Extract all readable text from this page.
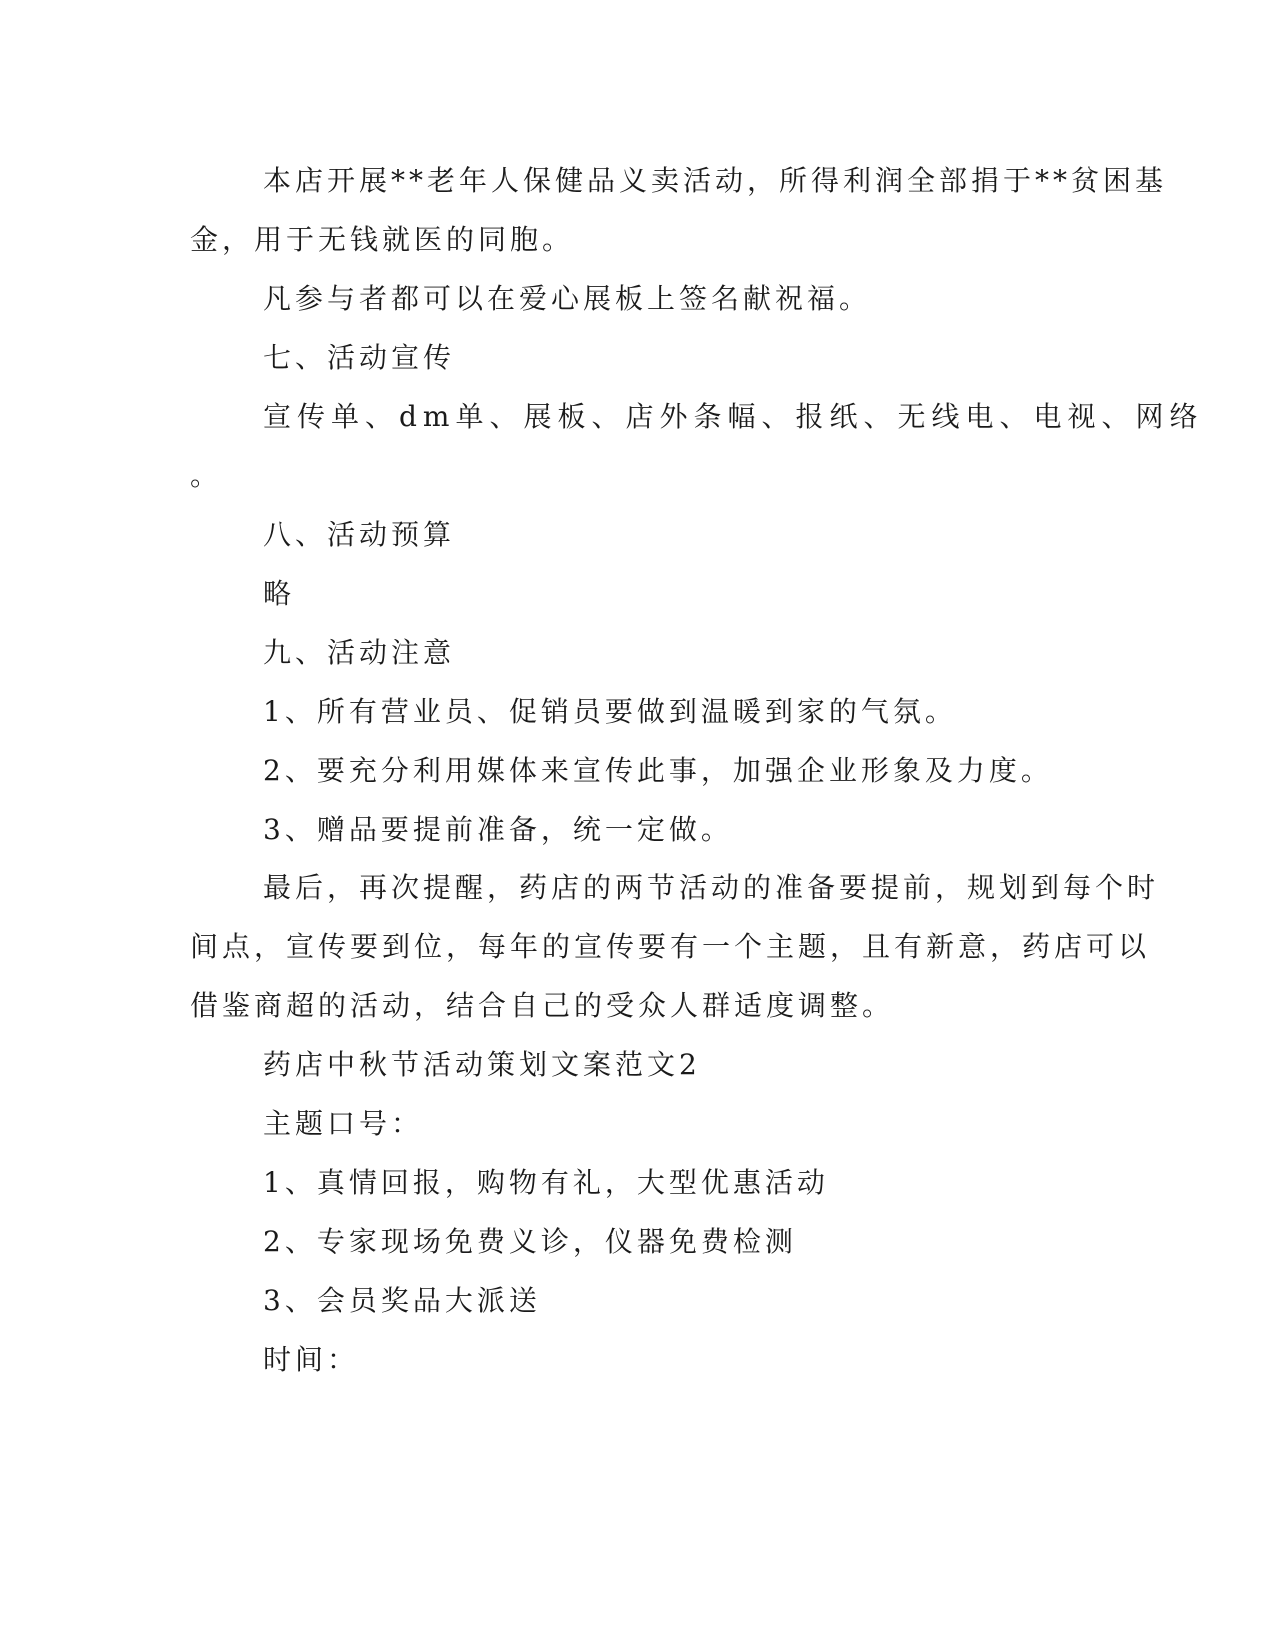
本店开展**老年人保健品义卖活动，所得利润全部捐于**贫困基
金，用于无钱就医的同胞。
凡参与者都可以在爱心展板上签名献祝福。
七、活动宣传
宣传单、dm单、展板、店外条幅、报纸、无线电、电视、网络
。
八、活动预算
略
九、活动注意
1、所有营业员、促销员要做到温暖到家的气氛。
2、要充分利用媒体来宣传此事，加强企业形象及力度。
3、赠品要提前准备，统一定做。
最后，再次提醒，药店的两节活动的准备要提前，规划到每个时
间点，宣传要到位，每年的宣传要有一个主题，且有新意，药店可以
借鉴商超的活动，结合自己的受众人群适度调整。
药店中秋节活动策划文案范文2
主题口号：
1、真情回报，购物有礼，大型优惠活动
2、专家现场免费义诊，仪器免费检测
3、会员奖品大派送
时间：
